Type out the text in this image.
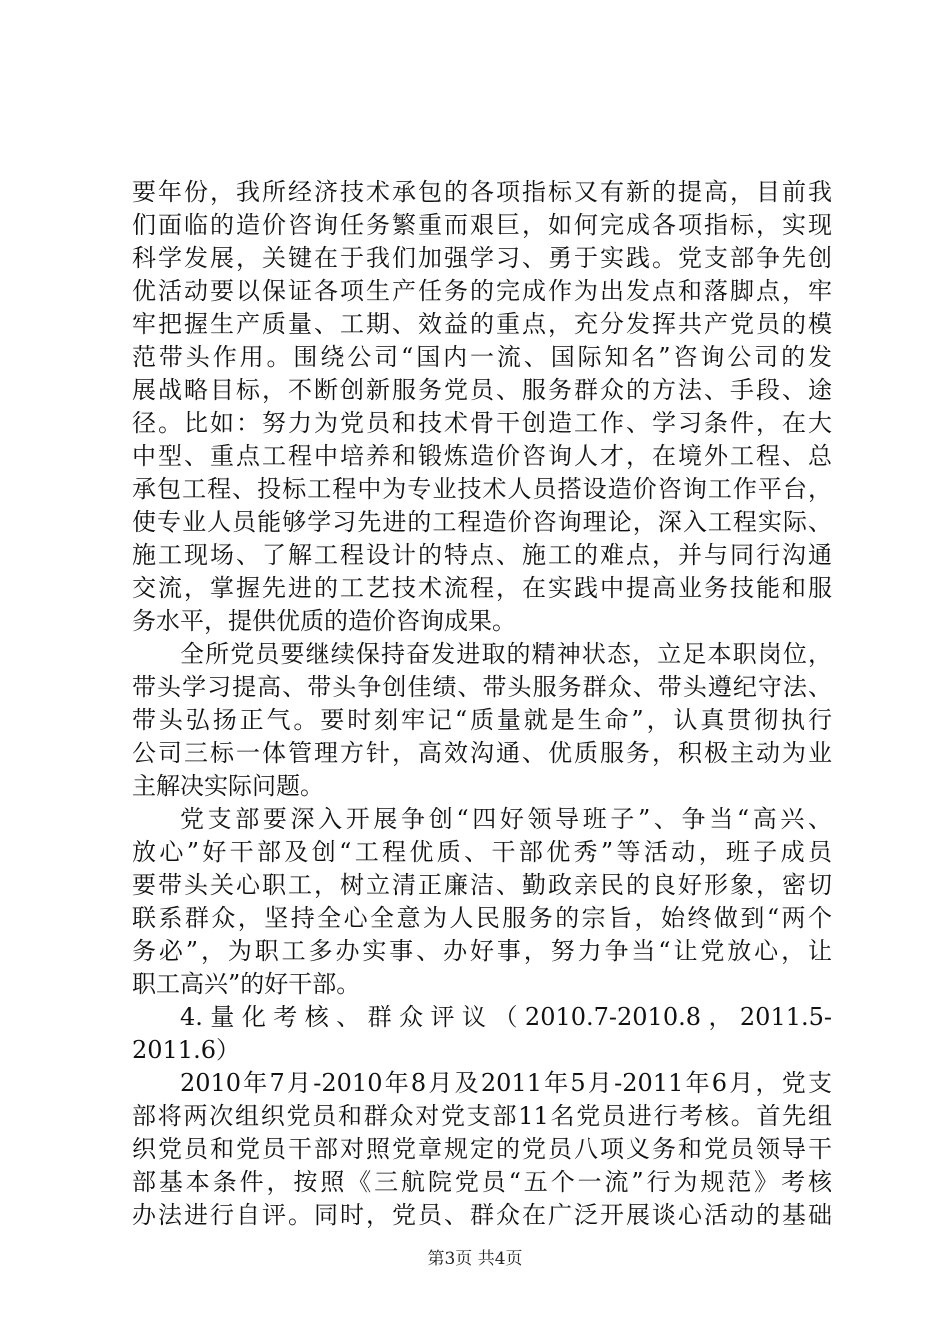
要年份，我所经济技术承包的各项指标又有新的提高，目前我
们面临的造价咨询任务繁重而艰巨，如何完成各项指标，实现
科学发展，关键在于我们加强学习、勇于实践。党支部争先创
优活动要以保证各项生产任务的完成作为出发点和落脚点，牢
牢把握生产质量、工期、效益的重点，充分发挥共产党员的模
范带头作用。围绕公司“国内一流、国际知名”咨询公司的发
展战略目标，不断创新服务党员、服务群众的方法、手段、途
径。比如：努力为党员和技术骨干创造工作、学习条件，在大
中型、重点工程中培养和锻炼造价咨询人才，在境外工程、总
承包工程、投标工程中为专业技术人员搭设造价咨询工作平台，
使专业人员能够学习先进的工程造价咨询理论，深入工程实际、
施工现场、了解工程设计的特点、施工的难点，并与同行沟通
交流，掌握先进的工艺技术流程，在实践中提高业务技能和服
务水平，提供优质的造价咨询成果。
全所党员要继续保持奋发进取的精神状态，立足本职岗位，
带头学习提高、带头争创佳绩、带头服务群众、带头遵纪守法、
带头弘扬正气。要时刻牢记“质量就是生命”，认真贯彻执行
公司三标一体管理方针，高效沟通、优质服务，积极主动为业
主解决实际问题。
党支部要深入开展争创“四好领导班子”、争当“高兴、
放心”好干部及创“工程优质、干部优秀”等活动，班子成员
要带头关心职工，树立清正廉洁、勤政亲民的良好形象，密切
联系群众，坚持全心全意为人民服务的宗旨，始终做到“两个
务必”，为职工多办实事、办好事，努力争当“让党放心，让
职工高兴”的好干部。
4.量化考核、群众评议（2010.7-2010.8，2011.5-
2011.6）
2010年7月-2010年8月及2011年5月-2011年6月，党支
部将两次组织党员和群众对党支部11名党员进行考核。首先组
织党员和党员干部对照党章规定的党员八项义务和党员领导干
部基本条件，按照《三航院党员“五个一流”行为规范》考核
办法进行自评。同时，党员、群众在广泛开展谈心活动的基础
第3页 共4页
